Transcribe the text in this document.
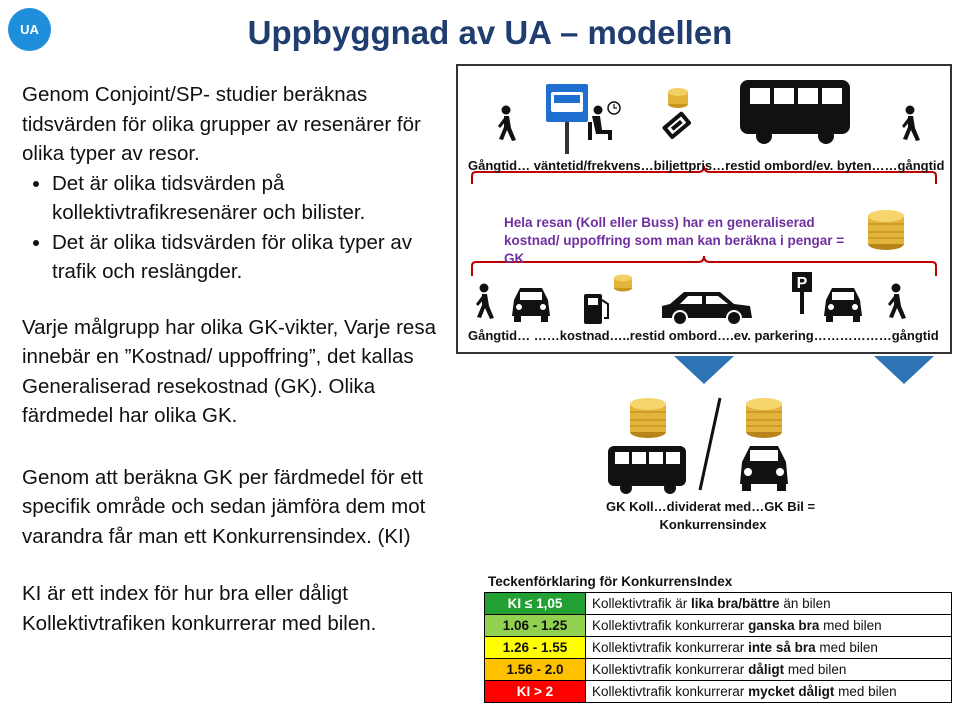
UA	Uppbyggnad av UA – modellen

Genom Conjoint/SP- studier beräknas tidsvärden för olika grupper av resenärer för olika typer av resor.

• Det är olika tidsvärden på kollektivtrafikresenärer och bilister.
• Det är olika tidsvärden för olika typer av trafik och reslängder.

Varje målgrupp har olika GK-vikter, Varje resa innebär en ”Kostnad/ uppoffring”, det kallas Generaliserad resekostnad (GK). Olika färdmedel har olika GK.

Genom att beräkna GK per färdmedel för ett specifik område och sedan jämföra dem mot varandra får man ett Konkurrensindex. (KI)

KI är ett index för hur bra eller dåligt Kollektivtrafiken konkurrerar med bilen.

P
Gångtid… väntetid/frekvens…biljettpris…restid ombord/ev. byten……gångtid
Hela resan (Koll eller Buss) har en generaliserad kostnad/ uppoffring som man kan beräkna i pengar = GK
Gångtid… ……kostnad…..restid ombord….ev. parkering………………gångtid
GK Koll…dividerat med…GK Bil =
Konkurrensindex
Teckenförklaring för KonkurrensIndex
KI ≤ 1,05	Kollektivtrafik är lika bra/bättre än bilen
1.06 - 1.25	Kollektivtrafik konkurrerar ganska bra med bilen
1.26 - 1.55	Kollektivtrafik konkurrerar inte så bra med bilen
1.56 - 2.0	Kollektivtrafik konkurrerar dåligt med bilen
KI > 2	Kollektivtrafik konkurrerar mycket dåligt med bilen
